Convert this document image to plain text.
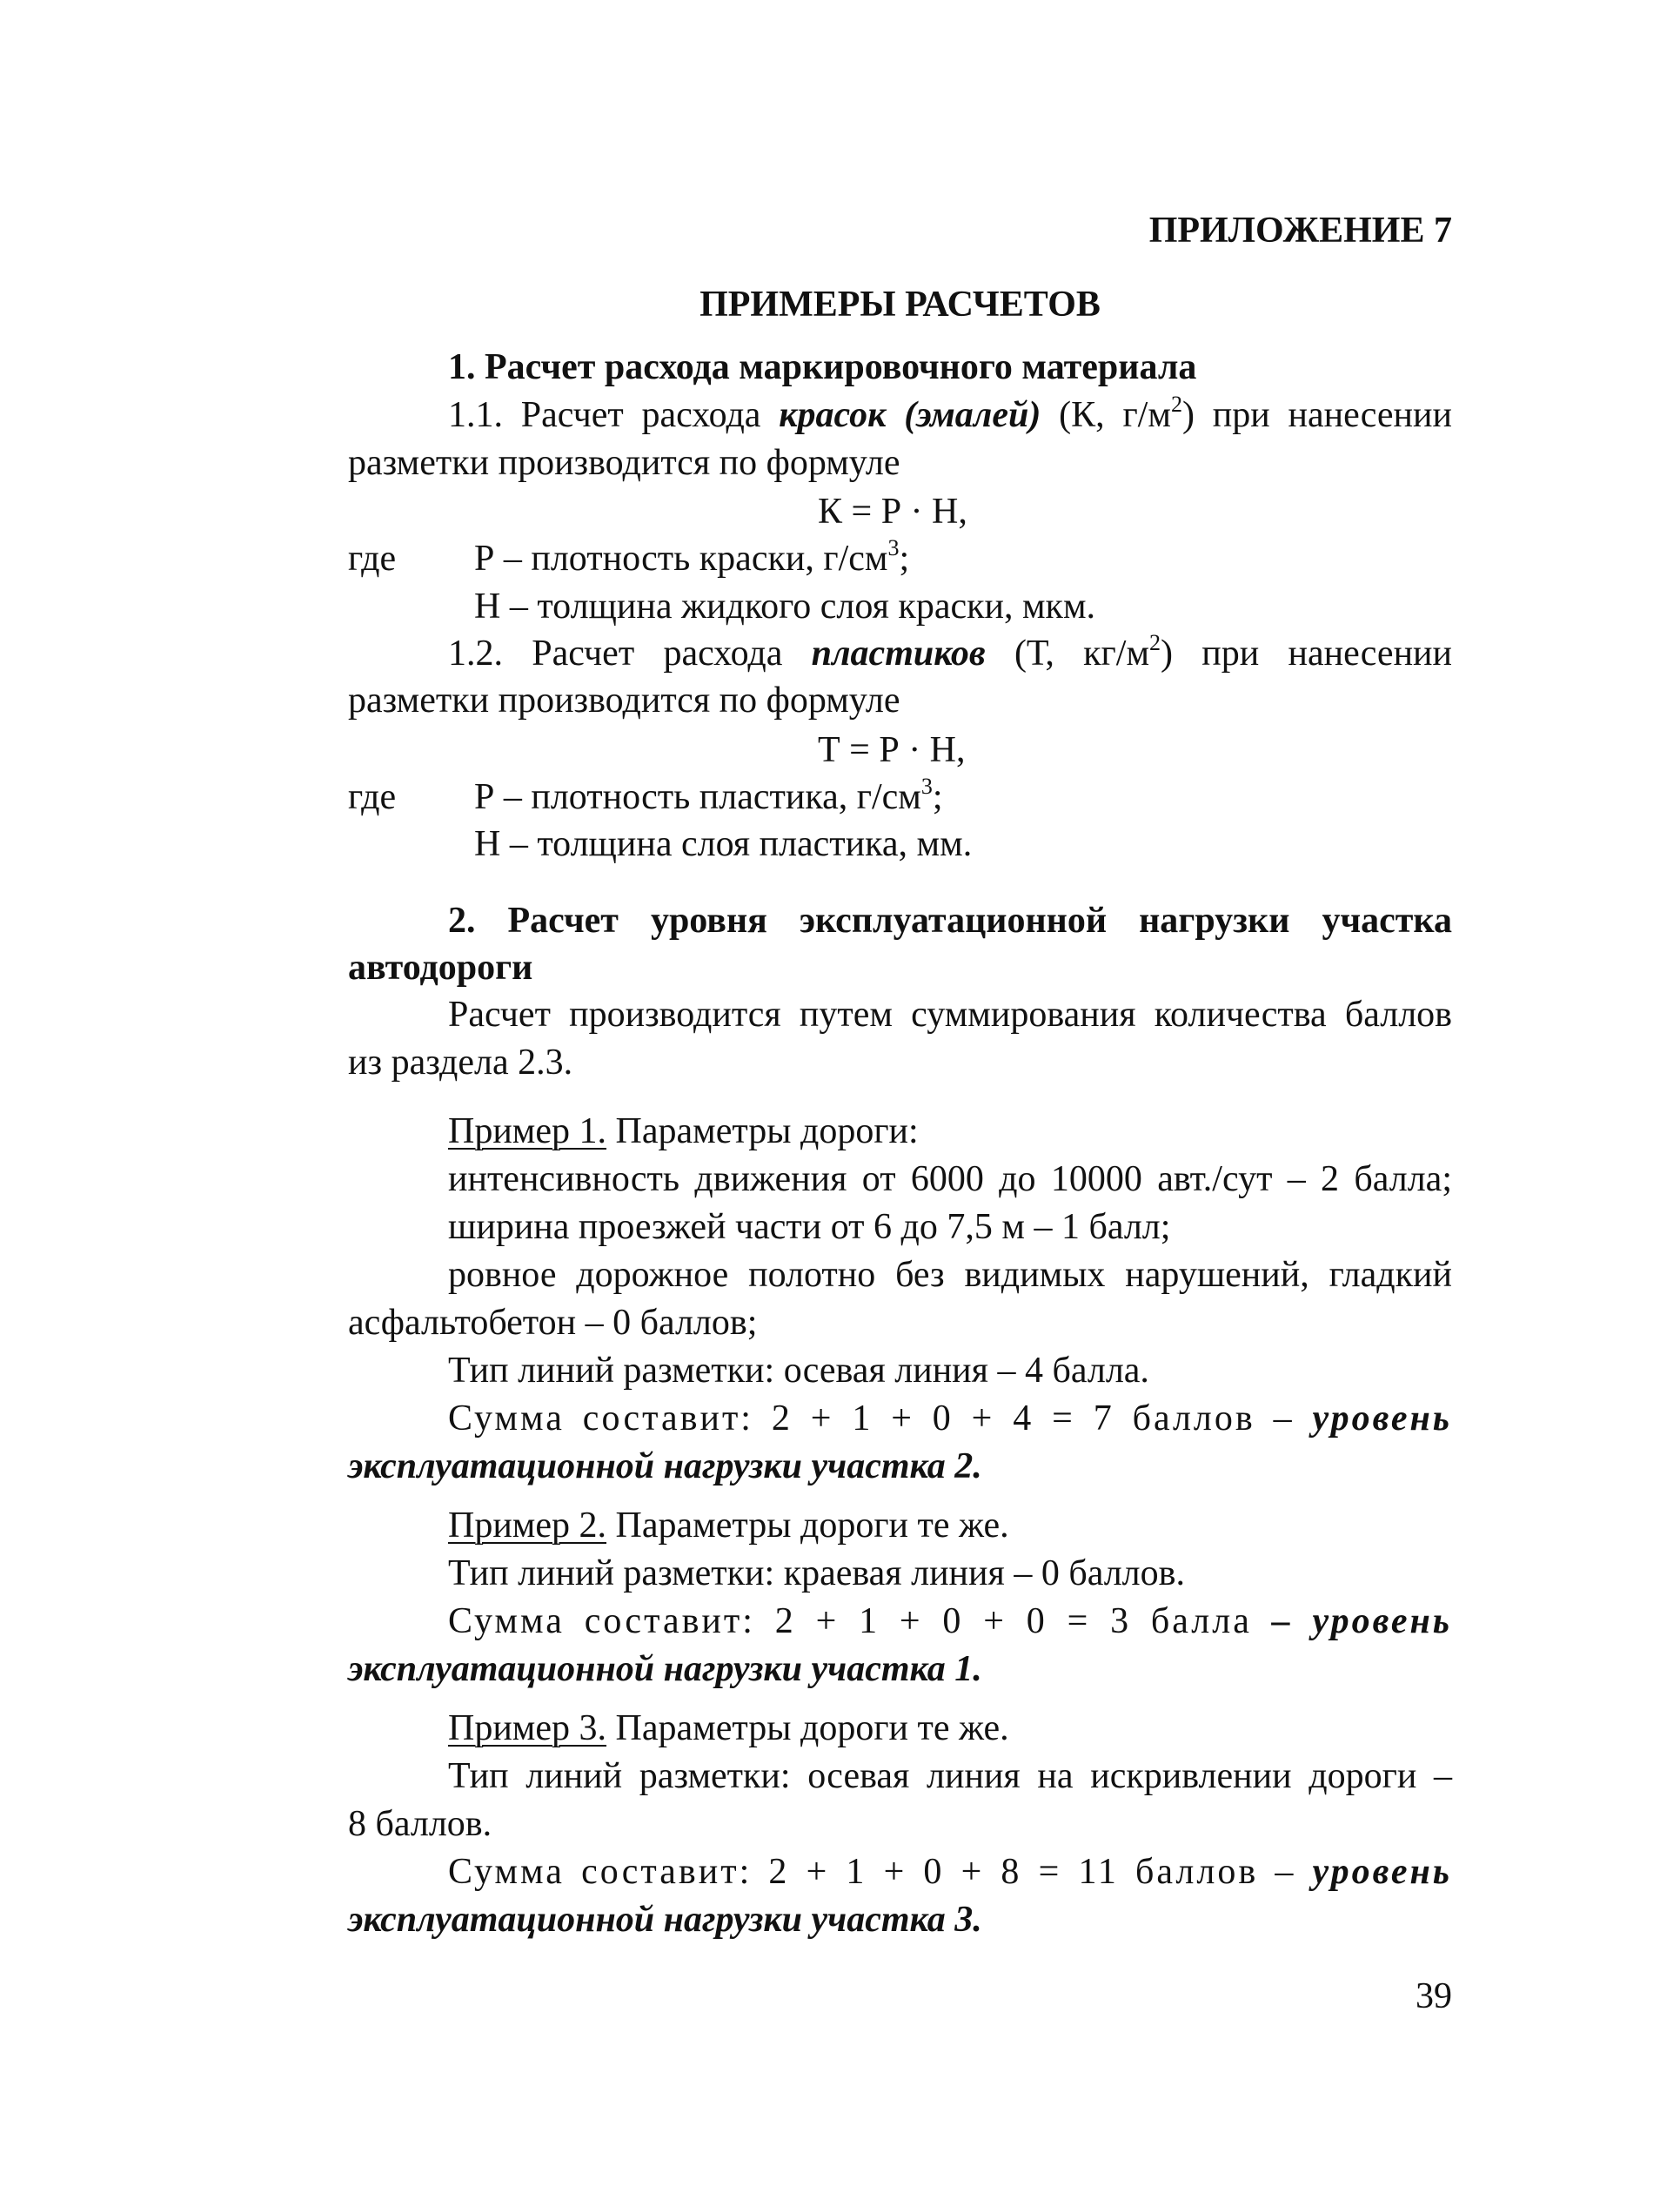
ПРИЛОЖЕНИЕ 7
ПРИМЕРЫ РАСЧЕТОВ
1. Расчет расхода маркировочного материала
1.1. Расчет расхода красок (эмалей) (К, $г/м^2$) при нанесении
разметки производится по формуле
К = Р · Н,
где Р – плотность краски, $г/см^3$;
Н – толщина жидкого слоя краски, мкм.
1.2. Расчет расхода пластиков (Т, $кг/м^2$) при нанесении
разметки производится по формуле
Т = Р · Н,
где Р – плотность пластика, $г/см^3$;
Н – толщина слоя пластика, мм.
2. Расчет уровня эксплуатационной нагрузки участка
автодороги
Расчет производится путем суммирования количества баллов
из раздела 2.3.
Пример 1. Параметры дороги:
интенсивность движения от 6000 до 10000 авт./сут – 2 балла;
ширина проезжей части от 6 до 7,5 м – 1 балл;
ровное дорожное полотно без видимых нарушений, гладкий
асфальтобетон – 0 баллов;
Тип линий разметки: осевая линия – 4 балла.
Сумма составит: 2 + 1 + 0 + 4 = 7 баллов – уровень
эксплуатационной нагрузки участка 2.
Пример 2. Параметры дороги те же.
Тип линий разметки: краевая линия – 0 баллов.
Сумма составит: 2 + 1 + 0 + 0 = 3 балла – уровень
эксплуатационной нагрузки участка 1.
Пример 3. Параметры дороги те же.
Тип линий разметки: осевая линия на искривлении дороги –
8 баллов.
Сумма составит: 2 + 1 + 0 + 8 = 11 баллов – уровень
эксплуатационной нагрузки участка 3.
39
